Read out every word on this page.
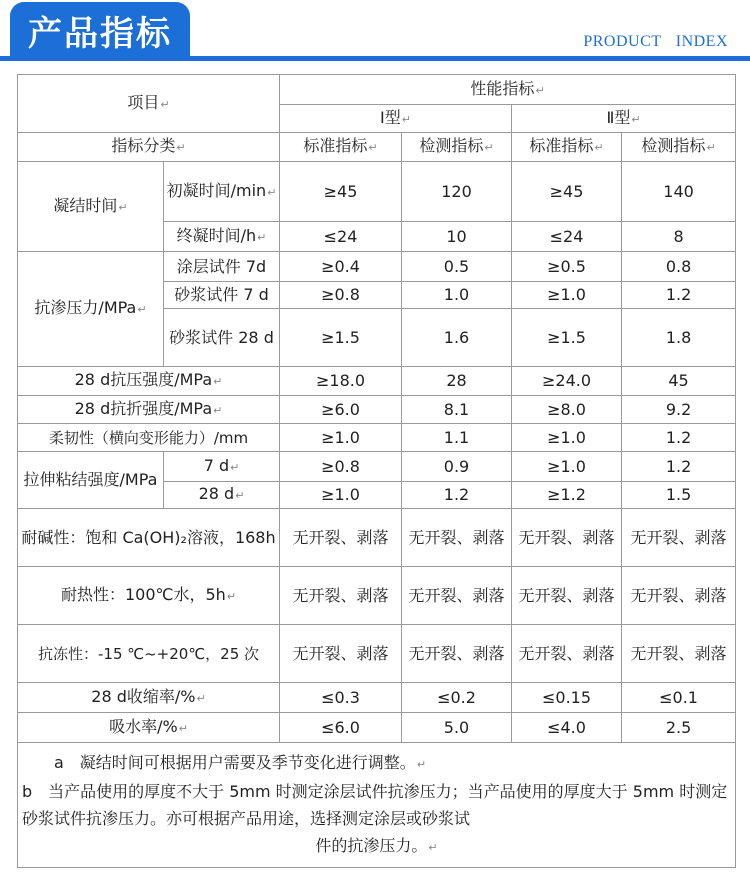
产品指标	PRODUCT INDEX
项目↵		性能指标↵			
		Ⅰ型↵		Ⅱ型↵	
指标分类↵		标准指标↵	检测指标↵	标准指标↵	检测指标↵
凝结时间↵	初凝时间/min↵	≥45	120	≥45	140
	终凝时间/h↵	≤24	10	≤24	8
抗渗压力/MPa↵	涂层试件 7d	≥0.4	0.5	≥0.5	0.8
	砂浆试件 7 d	≥0.8	1.0	≥1.0	1.2
	砂浆试件 28 d	≥1.5	1.6	≥1.5	1.8
28 d抗压强度/MPa↵		≥18.0	28	≥24.0	45
28 d抗折强度/MPa↵		≥6.0	8.1	≥8.0	9.2
柔韧性（横向变形能力）/mm		≥1.0	1.1	≥1.0	1.2
拉伸粘结强度/MPa	7 d↵	≥0.8	0.9	≥1.0	1.2
	28 d↵	≥1.0	1.2	≥1.2	1.5
耐碱性：饱和 Ca(OH)₂溶液，168h		无开裂、剥落	无开裂、剥落	无开裂、剥落	无开裂、剥落
耐热性：100℃水，5h↵		无开裂、剥落	无开裂、剥落	无开裂、剥落	无开裂、剥落
抗冻性：-15 ℃~+20℃，25 次		无开裂、剥落	无开裂、剥落	无开裂、剥落	无开裂、剥落
28 d收缩率/%↵		≤0.3	≤0.2	≤0.15	≤0.1
吸水率/%↵		≤6.0	5.0	≤4.0	2.5

a　凝结时间可根据用户需要及季节变化进行调整。↵
b　当产品使用的厚度不大于 5mm 时测定涂层试件抗渗压力；当产品使用的厚度大于 5mm 时测定砂浆试件抗渗压力。亦可根据产品用途，选择测定涂层或砂浆试
件的抗渗压力。↵					
